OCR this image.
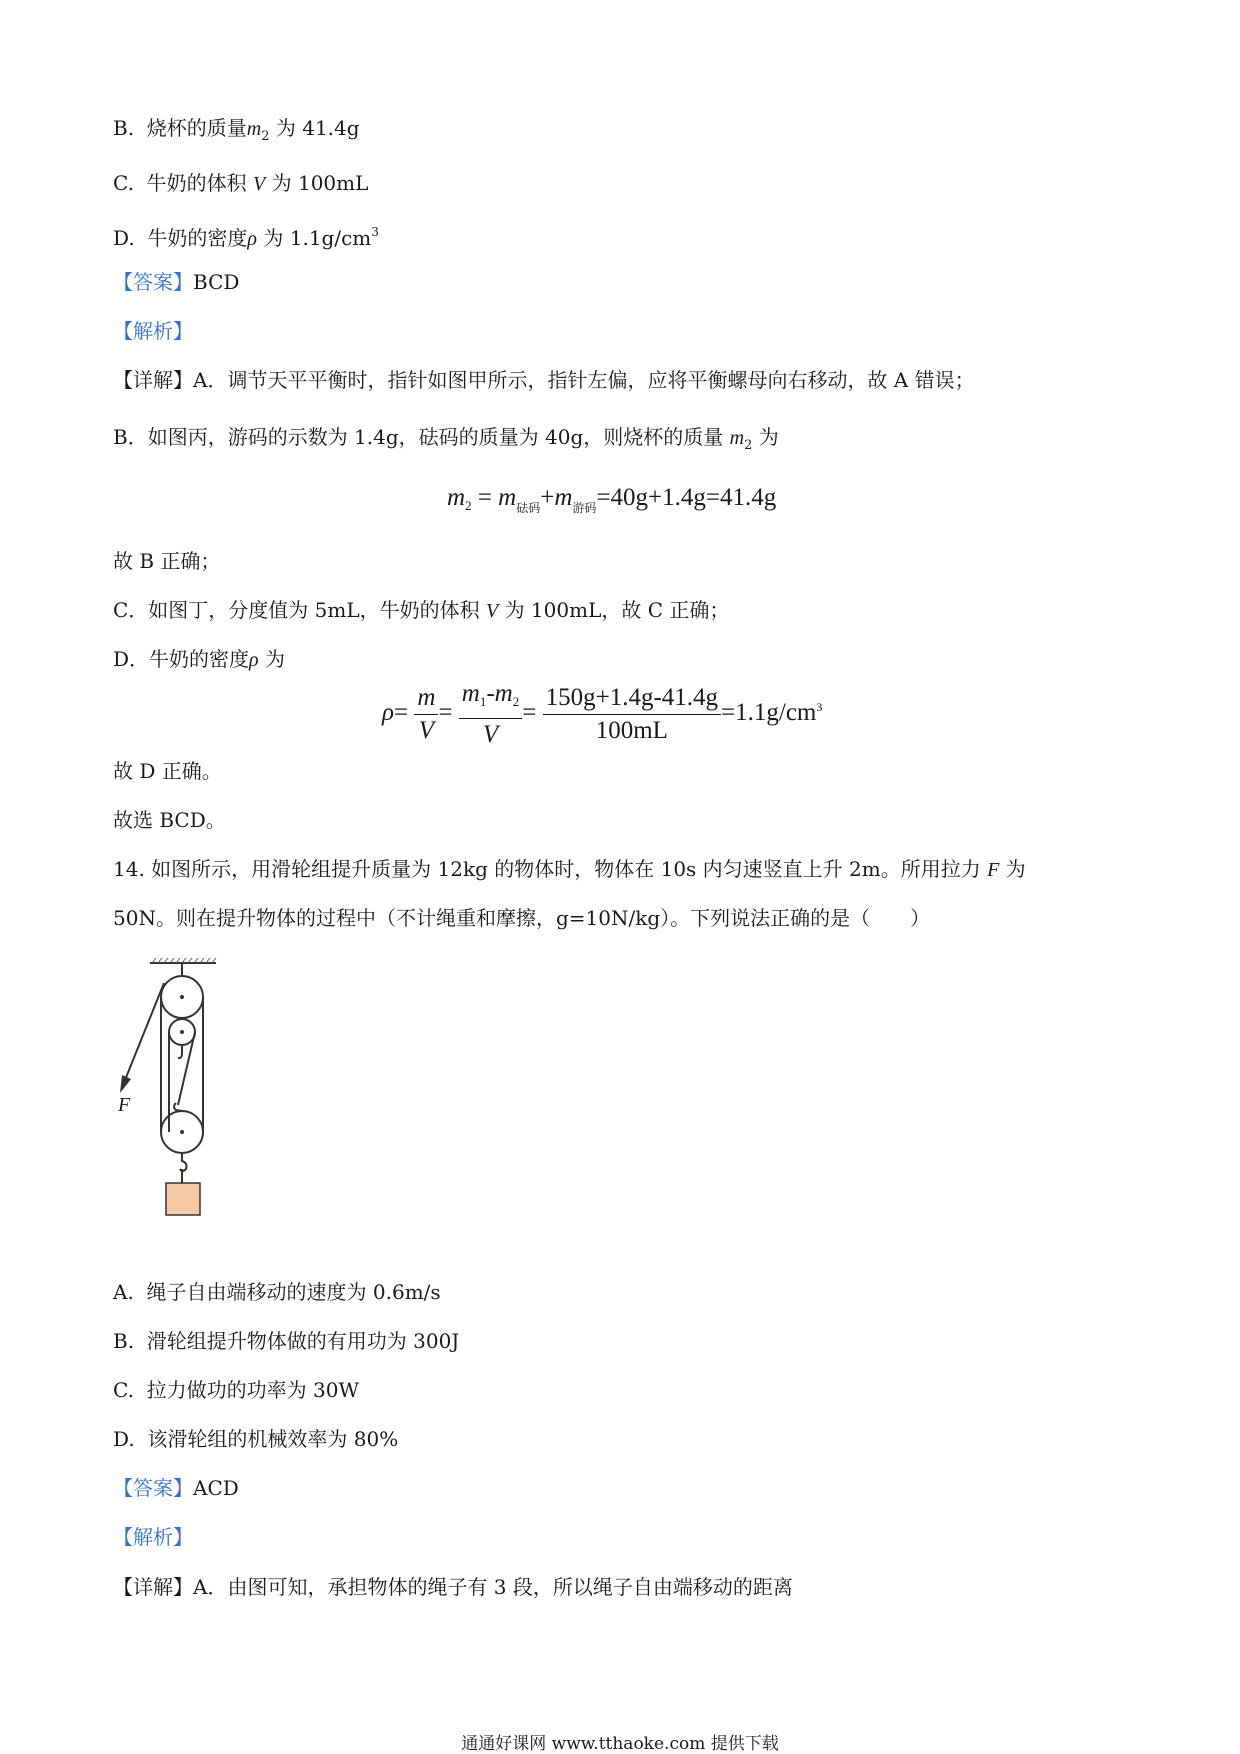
B. 烧杯的质量$m_2$ 为 41.4g
C. 牛奶的体积 V 为 100mL
D. 牛奶的密度ρ 为 $1.1g/cm^3$
【答案】BCD
【解析】
【详解】A．调节天平平衡时，指针如图甲所示，指针左偏，应将平衡螺母向右移动，故 A 错误；
B．如图丙，游码的示数为 1.4g，砝码的质量为 40g，则烧杯的质量 $m_2$ 为
$m_2 = m_{砝码}+m_{游码}=40g+1.4g=41.4g$
故 B 正确；
C．如图丁，分度值为 5mL，牛奶的体积 V 为 100mL，故 C 正确；
D．牛奶的密度ρ 为
$\rho= \frac{m}{V} = \frac{m_1-m_2}{V} = \frac{150g+1.4g-41.4g}{100mL} =1.1g/cm^3$
故 D 正确。
故选 BCD。
14. 如图所示，用滑轮组提升质量为 12kg 的物体时，物体在 10s 内匀速竖直上升 2m。所用拉力 F 为
50N。则在提升物体的过程中（不计绳重和摩擦，g=10N/kg）。下列说法正确的是（　　）
F
A. 绳子自由端移动的速度为 0.6m/s
B. 滑轮组提升物体做的有用功为 300J
C. 拉力做功的功率为 30W
D. 该滑轮组的机械效率为 80%
【答案】ACD
【解析】
【详解】A．由图可知，承担物体的绳子有 3 段，所以绳子自由端移动的距离
通通好课网 www.tthaoke.com 提供下载
